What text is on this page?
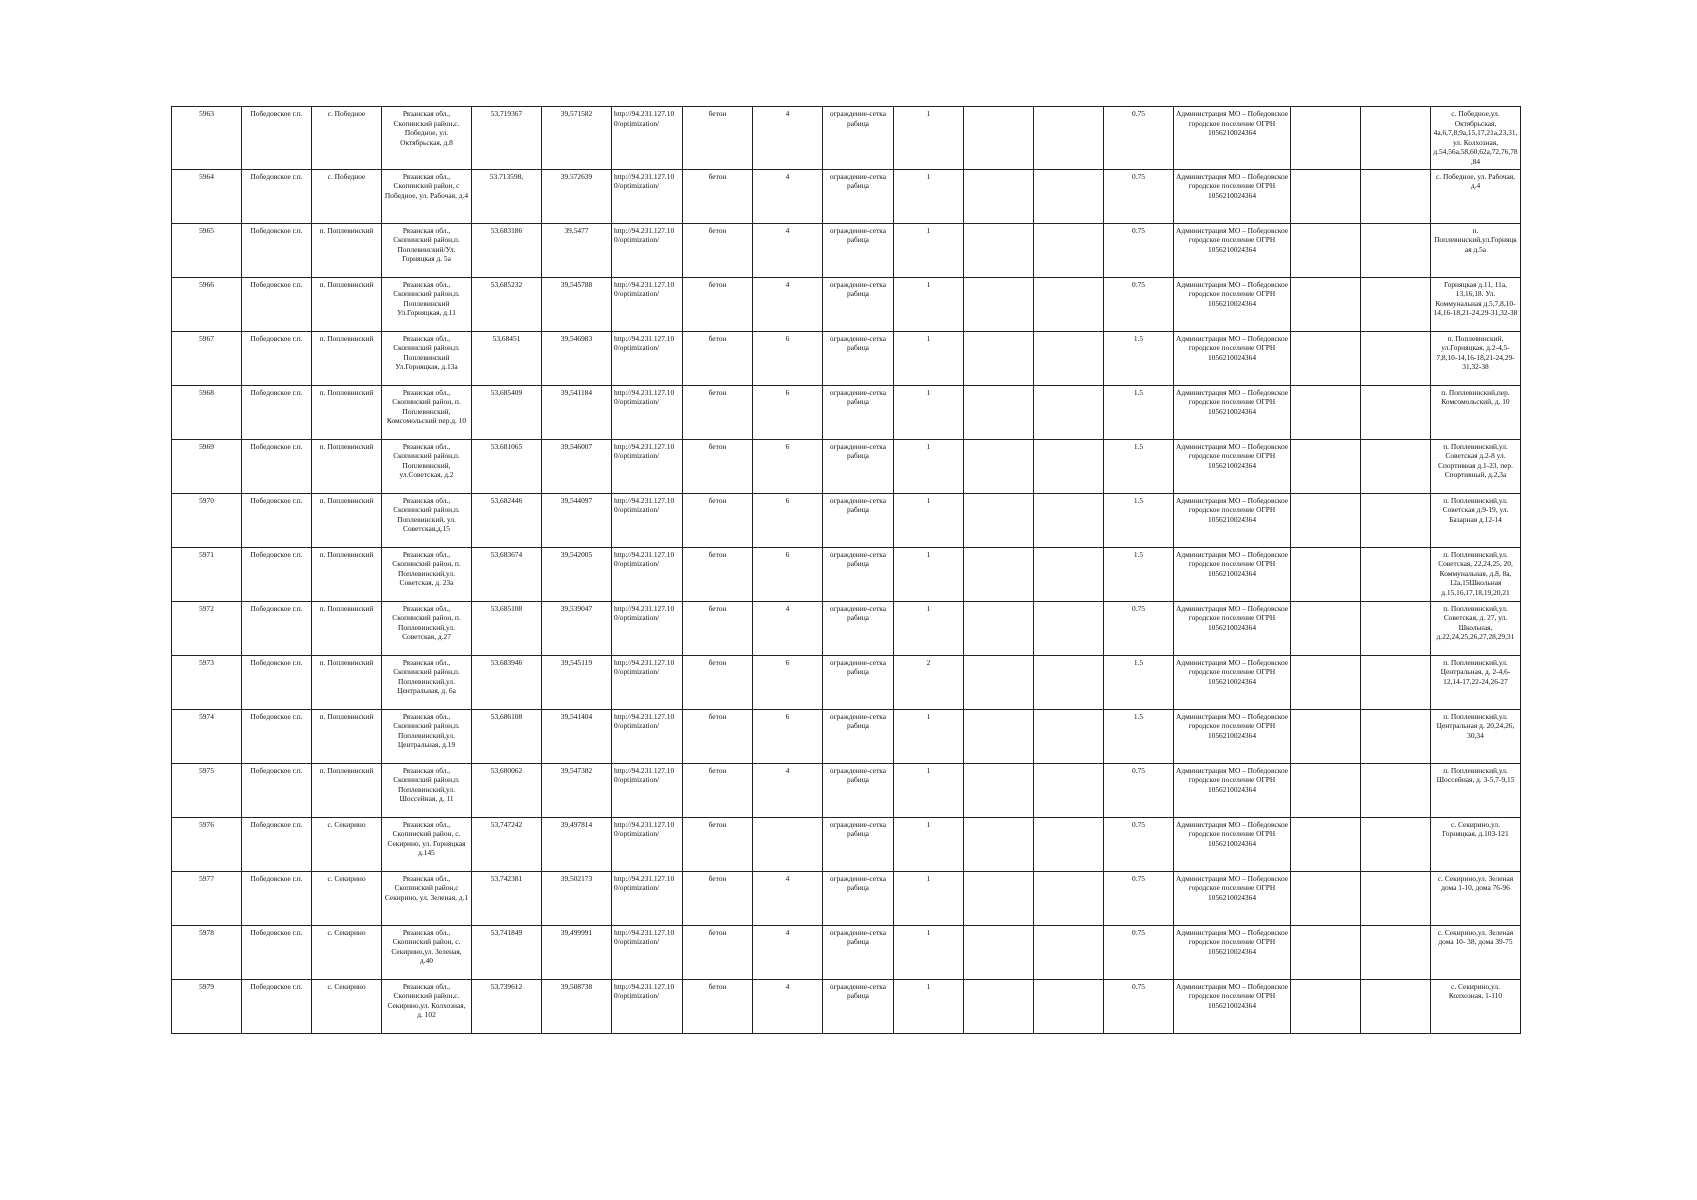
5963	Победовское г.п.	с. Победное	Рязанская обл., Скопинский район,с. Победное, ул. Октябрьская, д.8	53,719367	39,571582	http://94.231.127.10 0/optimization/	бетон	4	ограждение-сетка рабица	1			0.75	Администрация МО – Победовское городское поселение ОГРН 1056210024364			с. Победное,ул. Октябрьская, 4а,6,7,8,9а,15,17,21а,23,31, ул. Колхозная, д.54,56а,58,60,62а,72,76,78 ,84
5964	Победовское г.п.	с. Победное	Рязанская обл., Скопинский район, с Победное, ул. Рабочая, д.4	53.713598,	39.572639	http://94.231.127.10 0/optimization/	бетон	4	ограждение-сетка рабица	1			0.75	Администрация МО – Победовское городское поселение ОГРН 1056210024364			с. Победное, ул. Рабочая, д.4
5965	Победовское г.п.	п. Поплевинский	Рязанская обл., Скопинский район,п. Поплевинский/Ул. Горняцкая д. 5а	53,683186	39,5477	http://94.231.127.10 0/optimization/	бетон	4	ограждение-сетка рабица	1			0.75	Администрация МО – Победовское городское поселение ОГРН 1056210024364			п. Поплевинский,ул.Горняцкая д.5а
5966	Победовское г.п.	п. Поплевинский	Рязанская обл., Скопинский район,п. Поплевинский Ул.Горняцкая, д.11	53,685232	39,545788	http://94.231.127.10 0/optimization/	бетон	4	ограждение-сетка рабица	1			0.75	Администрация МО – Победовское городское поселение ОГРН 1056210024364			Горняцкая д.11, 11а, 13,16,18. Ул. Коммунальная д.5,7,8,10-14,16-18,21-24,29-31,32-38
5967	Победовское г.п.	п. Поплевинский	Рязанская обл., Скопинский район,п. Поплевинский Ул.Горняцкая, д.13а	53,68451	39,546983	http://94.231.127.10 0/optimization/	бетон	6	ограждение-сетка рабица	1			1.5	Администрация МО – Победовское городское поселение ОГРН 1056210024364			п. Поплевинский, ул.Горняцкая, д.2-4,5-7,8,10-14,16-18,21-24,29-31,32-38
5968	Победовское г.п.	п. Поплевинский	Рязанская обл., Скопинский район, п. Поплевинский, Комсомольский пер.д. 10	53,685409	39,541184	http://94.231.127.10 0/optimization/	бетон	6	ограждение-сетка рабица	1			1.5	Администрация МО – Победовское городское поселение ОГРН 1056210024364			п. Поплевинский,пер. Комсомольский, д. 10
5969	Победовское г.п.	п. Поплевинский	Рязанская обл., Скопинский район,п. Поплевинский, ул.Советская, д.2	53,681065	39,546007	http://94.231.127.10 0/optimization/	бетон	6	ограждение-сетка рабица	1			1.5	Администрация МО – Победовское городское поселение ОГРН 1056210024364			п. Поплевинский,ул. Советская д.2-8 ул. Спортивная д.1-23, пер. Спортивный, д.2,3а
5970	Победовское г.п.	п. Поплевинский	Рязанская обл., Скопинский район,п. Поплевинский, ул. Советская,д.15	53,682446	39,544097	http://94.231.127.10 0/optimization/	бетон	6	ограждение-сетка рабица	1			1.5	Администрация МО – Победовское городское поселение ОГРН 1056210024364			п. Поплевинский,ул. Советская д.9-19, ул. Базарная д.12-14
5971	Победовское г.п.	п. Поплевинский	Рязанская обл., Скопинский район, п. Поплевинский,ул. Советская, д. 23а	53,683674	39,542005	http://94.231.127.10 0/optimization/	бетон	6	ограждение-сетка рабица	1			1.5	Администрация МО – Победовское городское поселение ОГРН 1056210024364			п. Поплевинский,ул. Советская, 22,24,25, 20, Коммунальная, д.8, 8а, 12а,15Школьная д.15,16,17,18,19,20,21
5972	Победовское г.п.	п. Поплевинский	Рязанская обл., Скопинский район, п. Поплевинский,ул. Советская, д.27	53,685108	39,539047	http://94.231.127.10 0/optimization/	бетон	4	ограждение-сетка рабица	1			0.75	Администрация МО – Победовское городское поселение ОГРН 1056210024364			п. Поплевинский,ул. Советская, д. 27, ул. Школьная, д.22,24,25,26,27,28,29,31
5973	Победовское г.п.	п. Поплевинский	Рязанская обл., Скопинский район,п. Поплевинский,ул. Центральная, д. 6а	53,683946	39,545119	http://94.231.127.10 0/optimization/	бетон	6	ограждение-сетка рабица	2			1.5	Администрация МО – Победовское городское поселение ОГРН 1056210024364			п. Поплевинский,ул. Центральная, д. 2-4,6-12,14-17,22-24,26-27
5974	Победовское г.п.	п. Поплевинский	Рязанская обл., Скопинский район,п. Поплевинский,ул. Центральная, д.19	53,686108	39,541404	http://94.231.127.10 0/optimization/	бетон	6	ограждение-сетка рабица	1			1.5	Администрация МО – Победовское городское поселение ОГРН 1056210024364			п. Поплевинский,ул. Центральная д. 20,24,26, 30,34
5975	Победовское г.п.	п. Поплевинский	Рязанская обл., Скопинский район,п. Поплевинский,ул. Шоссейная, д. 11	53,680062	39,547382	http://94.231.127.10 0/optimization/	бетон	4	ограждение-сетка рабица	1			0.75	Администрация МО – Победовское городское поселение ОГРН 1056210024364			п. Поплевинский,ул. Шоссейная, д. 3-5,7-9,15
5976	Победовское г.п.	с. Секирино	Рязанская обл., Скопинский район, с. Секирино, ул. Горняцкая д.145	53,747242	39,497814	http://94.231.127.10 0/optimization/	бетон		ограждение-сетка рабица	1			0.75	Администрация МО – Победовское городское поселение ОГРН 1056210024364			с. Секирино,ул. Горняцкая, д.103-121
5977	Победовское г.п.	с. Секирино	Рязанская обл., Скопинский район,с Секирино, ул. Зеленая, д.1	53,742381	39,502173	http://94.231.127.10 0/optimization/	бетон	4	ограждение-сетка рабица	1			0.75	Администрация МО – Победовское городское поселение ОГРН 1056210024364			с. Секирино,ул. Зеленая дома 1-10, дома 76-96
5978	Победовское г.п.	с. Секирино	Рязанская обл., Скопинский район, с. Секирино,ул. Зеленая, д.40	53,741849	39,499991	http://94.231.127.10 0/optimization/	бетон	4	ограждение-сетка рабица	1			0.75	Администрация МО – Победовское городское поселение ОГРН 1056210024364			с. Секирино,ул. Зеленая дома 10- 38, дома 39-75
5979	Победовское г.п.	с. Секирино	Рязанская обл., Скопинский район,с. Секирино,ул. Колхозная, д. 102	53,739612	39,508738	http://94.231.127.10 0/optimization/	бетон	4	ограждение-сетка рабица	1			0.75	Администрация МО – Победовское городское поселение ОГРН 1056210024364			с. Секирино,ул. Колхозная, 1-110
